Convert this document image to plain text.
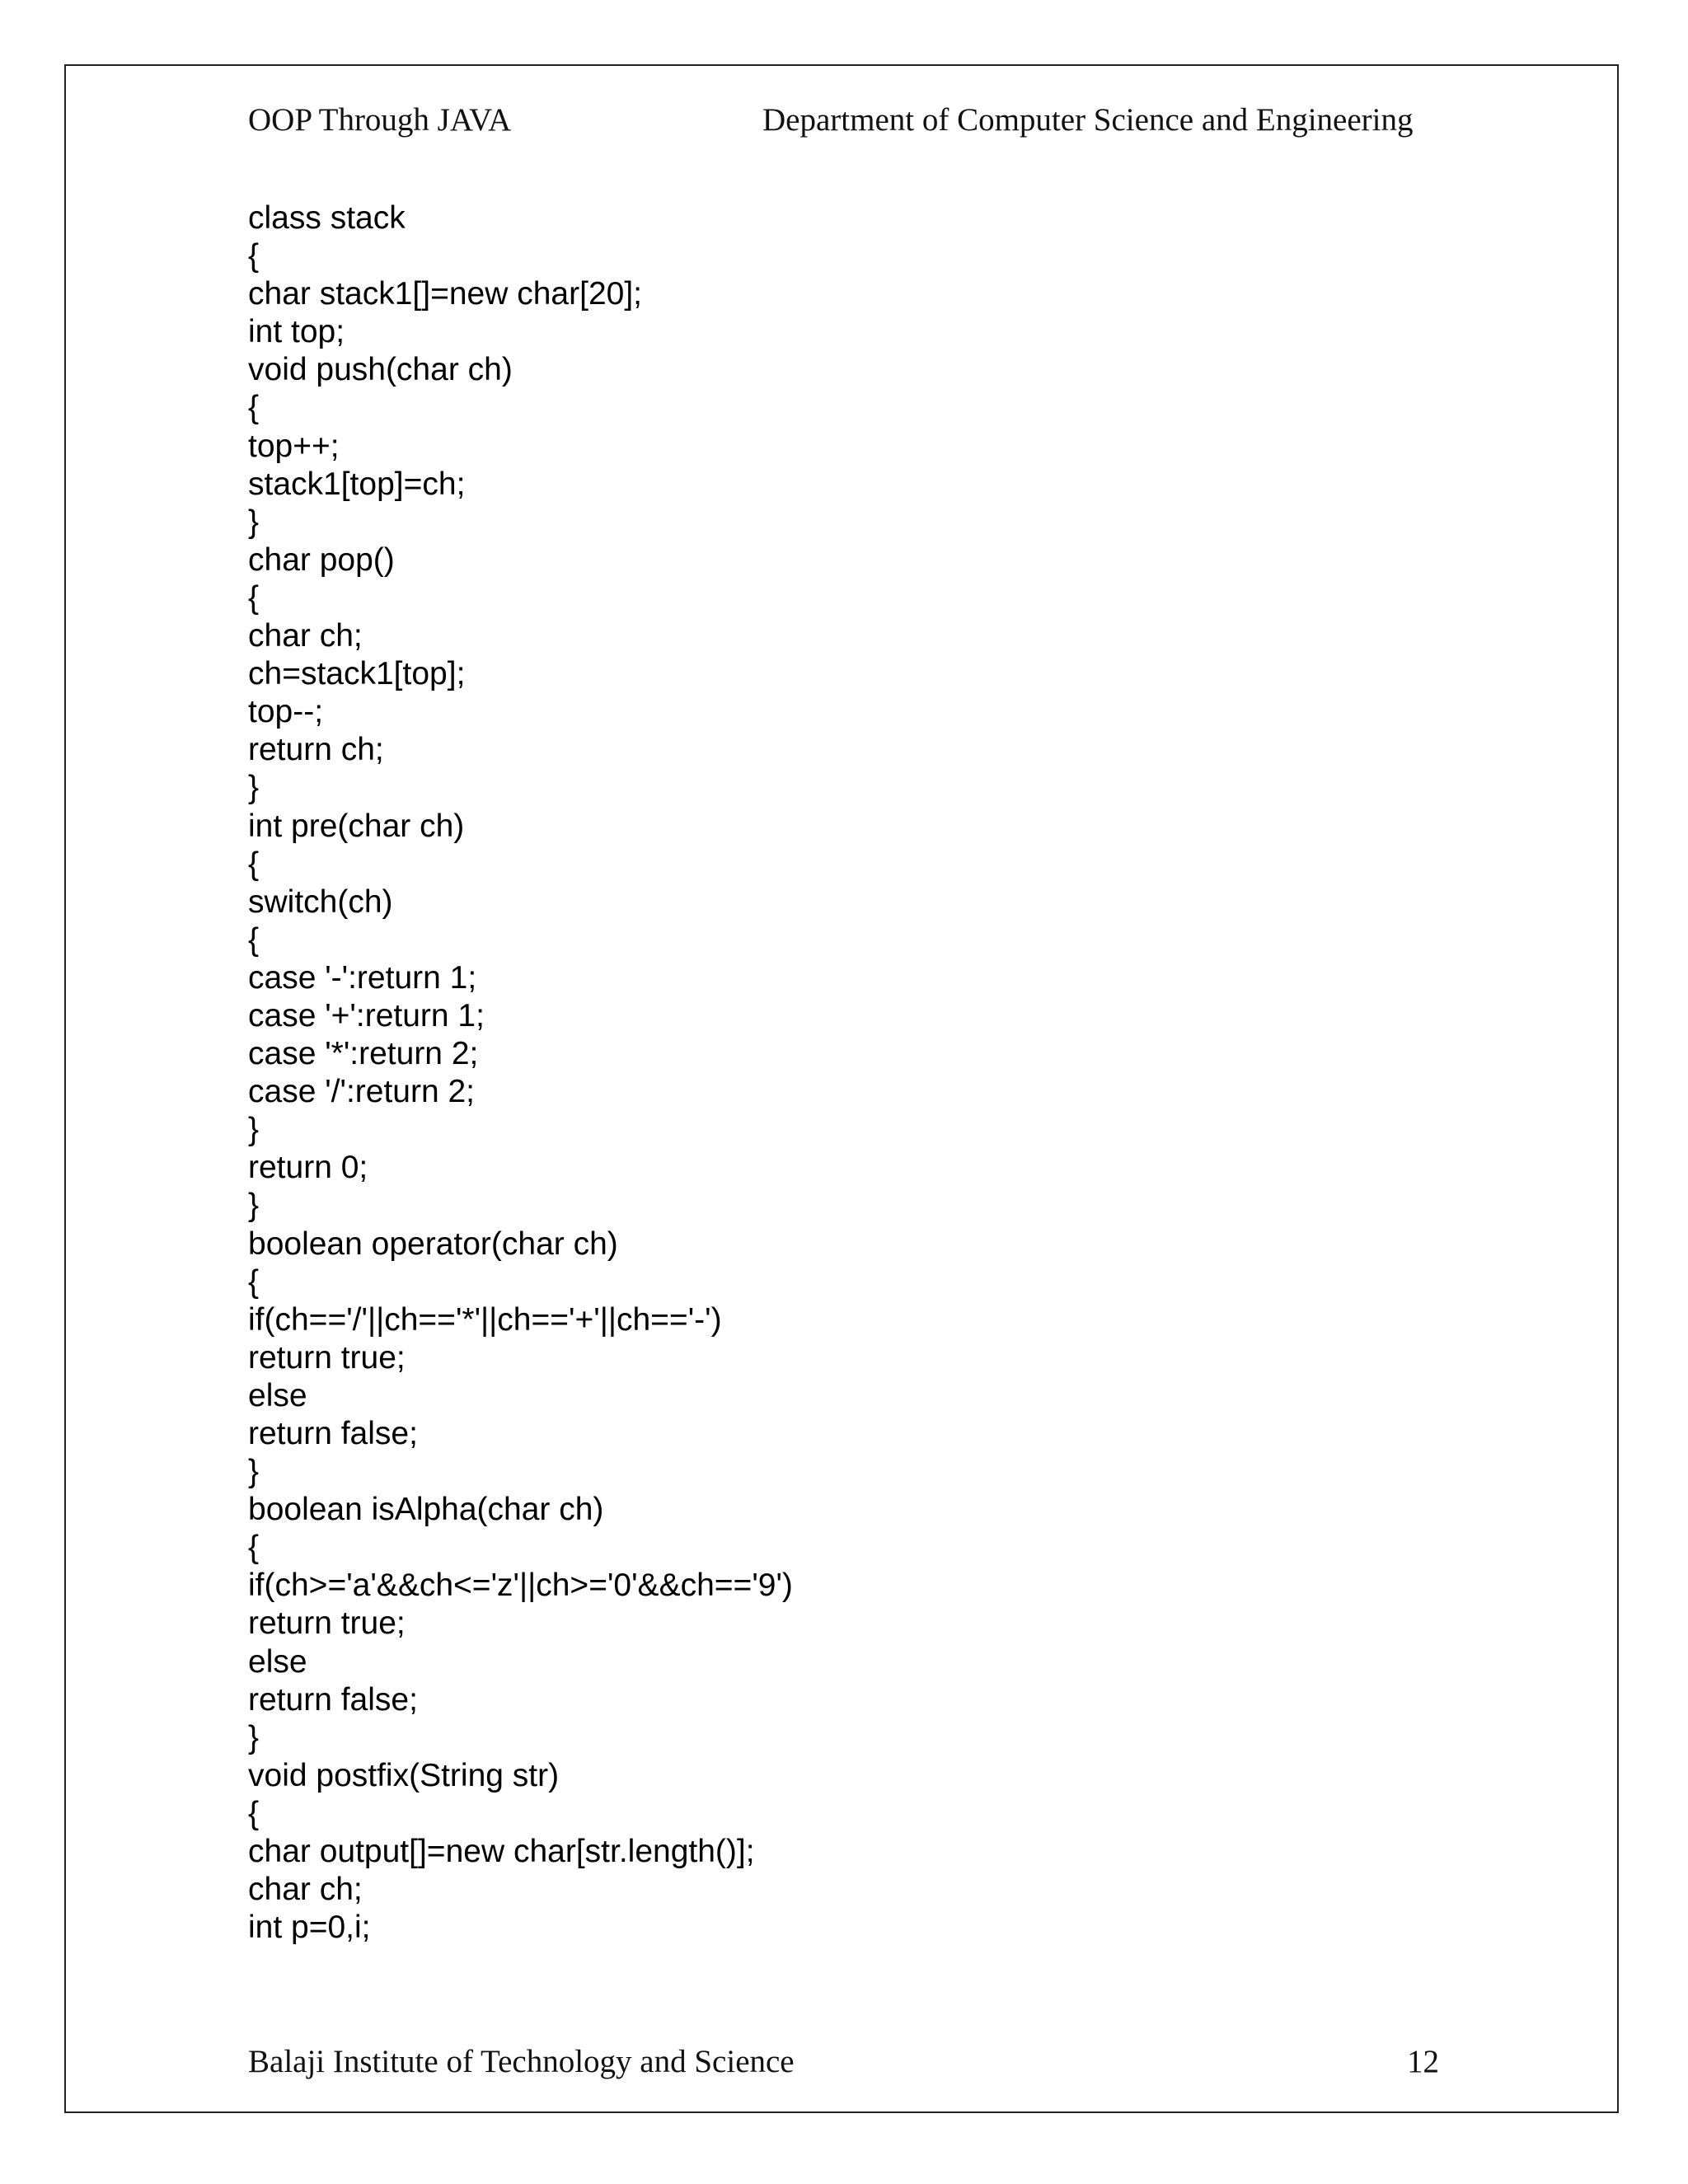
OOP Through JAVA	Department of Computer Science and Engineering
class stack
{
char stack1[]=new char[20];
int top;
void push(char ch)
{
top++;
stack1[top]=ch;
}
char pop()
{
char ch;
ch=stack1[top];
top--;
return ch;
}
int pre(char ch)
{
switch(ch)
{
case '-':return 1;
case '+':return 1;
case '*':return 2;
case '/':return 2;
}
return 0;
}
boolean operator(char ch)
{
if(ch=='/'||ch=='*'||ch=='+'||ch=='-')
return true;
else
return false;
}
boolean isAlpha(char ch)
{
if(ch>='a'&&ch<='z'||ch>='0'&&ch=='9')
return true;
else
return false;
}
void postfix(String str)
{
char output[]=new char[str.length()];
char ch;
int p=0,i;
Balaji Institute of Technology and Science	12
